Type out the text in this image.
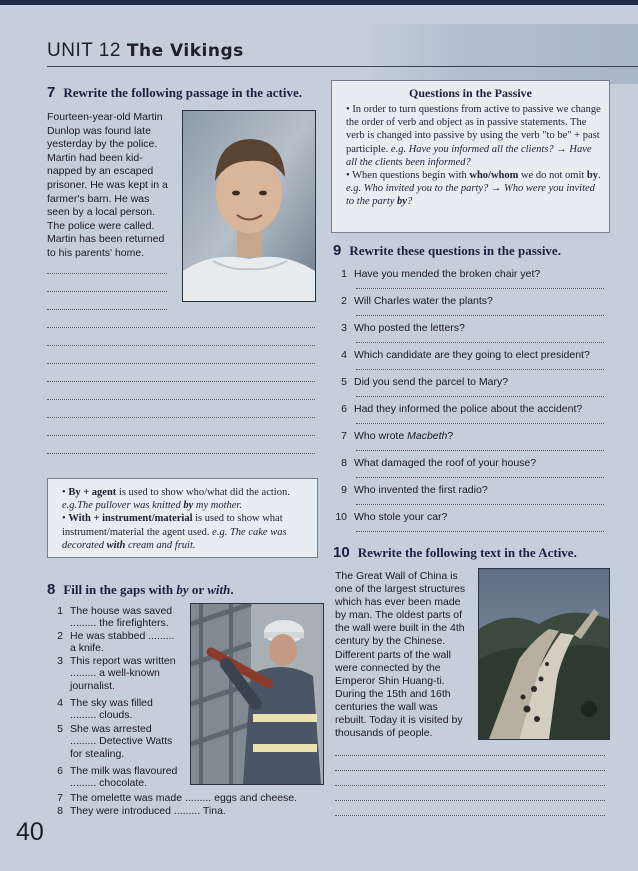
UNIT 12 The Vikings
7 Rewrite the following passage in the active.
Fourteen-year-old Martin
Dunlop was found late
yesterday by the police.
Martin had been kid-
napped by an escaped
prisoner. He was kept in a
farmer's barn. He was
seen by a local person.
The police were called.
Martin has been returned
to his parents' home.
• By + agent is used to show who/what did the action. e.g.The pullover was knitted by my mother.
• With + instrument/material is used to show what instrument/material the agent used. e.g. The cake was decorated with cream and fruit.
Questions in the Passive
• In order to turn questions from active to passive we change the order of verb and object as in passive statements. The verb is changed into passive by using the verb "to be" + past participle. e.g. Have you informed all the clients? → Have all the clients been informed?
• When questions begin with who/whom we do not omit by. e.g. Who invited you to the party? → Who were you invited to the party by?
9 Rewrite these questions in the passive.
1 Have you mended the broken chair yet?
2 Will Charles water the plants?
3 Who posted the letters?
4 Which candidate are they going to elect president?
5 Did you send the parcel to Mary?
6 Had they informed the police about the accident?
7 Who wrote Macbeth?
8 What damaged the roof of your house?
9 Who invented the first radio?
10 Who stole your car?
8 Fill in the gaps with by or with.
1 The house was saved
......... the firefighters.
2 He was stabbed .........
a knife.
3 This report was written
......... a well-known
journalist.
4 The sky was filled
......... clouds.
5 She was arrested
......... Detective Watts
for stealing.
6 The milk was flavoured
......... chocolate.
7 The omelette was made ......... eggs and cheese.
8 They were introduced ......... Tina.
10 Rewrite the following text in the Active.
The Great Wall of China is
one of the largest structures
which has ever been made
by man. The oldest parts of
the wall were built in the 4th
century by the Chinese.
Different parts of the wall
were connected by the
Emperor Shin Huang-ti.
During the 15th and 16th
centuries the wall was
rebuilt. Today it is visited by
thousands of people.
40
